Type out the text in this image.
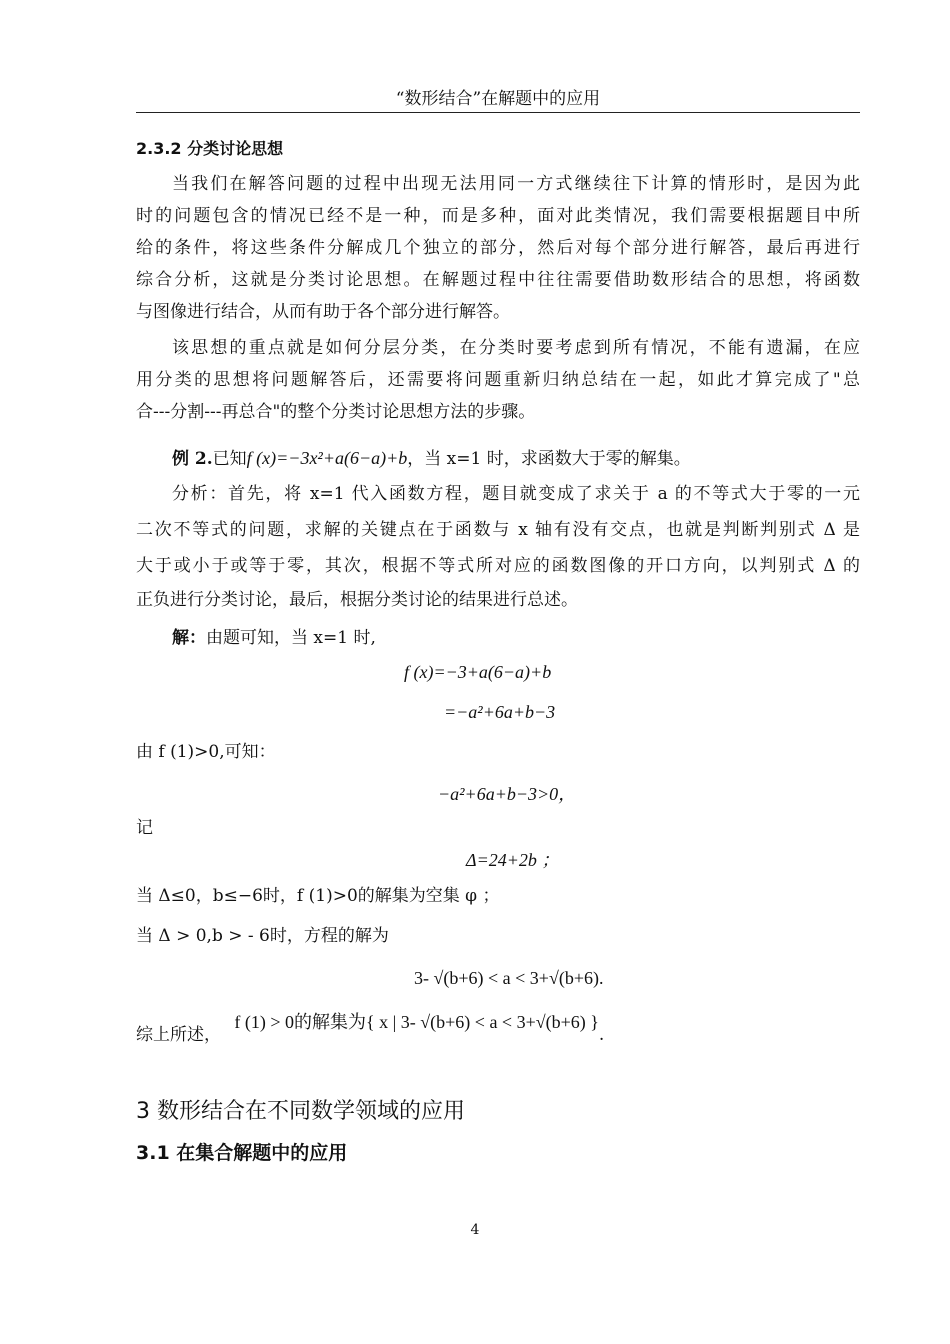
“数形结合”在解题中的应用
2.3.2 分类讨论思想
当我们在解答问题的过程中出现无法用同一方式继续往下计算的情形时，是因为此
时的问题包含的情况已经不是一种，而是多种，面对此类情况，我们需要根据题目中所
给的条件，将这些条件分解成几个独立的部分，然后对每个部分进行解答，最后再进行
综合分析，这就是分类讨论思想。在解题过程中往往需要借助数形结合的思想，将函数
与图像进行结合，从而有助于各个部分进行解答。
该思想的重点就是如何分层分类，在分类时要考虑到所有情况，不能有遗漏，在应
用分类的思想将问题解答后，还需要将问题重新归纳总结在一起，如此才算完成了"总
合---分割---再总合"的整个分类讨论思想方法的步骤。
例 2.已知f (x)=−3x²+a(6−a)+b，当 x=1 时，求函数大于零的解集。
分析：首先，将 x=1 代入函数方程，题目就变成了求关于 a 的不等式大于零的一元
二次不等式的问题，求解的关键点在于函数与 x 轴有没有交点，也就是判断判别式 Δ 是
大于或小于或等于零，其次，根据不等式所对应的函数图像的开口方向，以判别式 Δ 的
正负进行分类讨论，最后，根据分类讨论的结果进行总述。
解：由题可知，当 x=1 时,
f (x)=−3+a(6−a)+b
=−a²+6a+b−3
由 f (1)>0,可知：
−a²+6a+b−3>0，
记
Δ=24+2b ；
当 Δ≤0，b≤−6时，f (1)>0的解集为空集 φ ；
当 Δ > 0,b > - 6时，方程的解为
3- √(b+6) < a < 3+√(b+6).
综上所述， f (1) > 0的解集为{ x | 3- √(b+6) < a < 3+√(b+6) }.
3 数形结合在不同数学领域的应用
3.1 在集合解题中的应用
4
